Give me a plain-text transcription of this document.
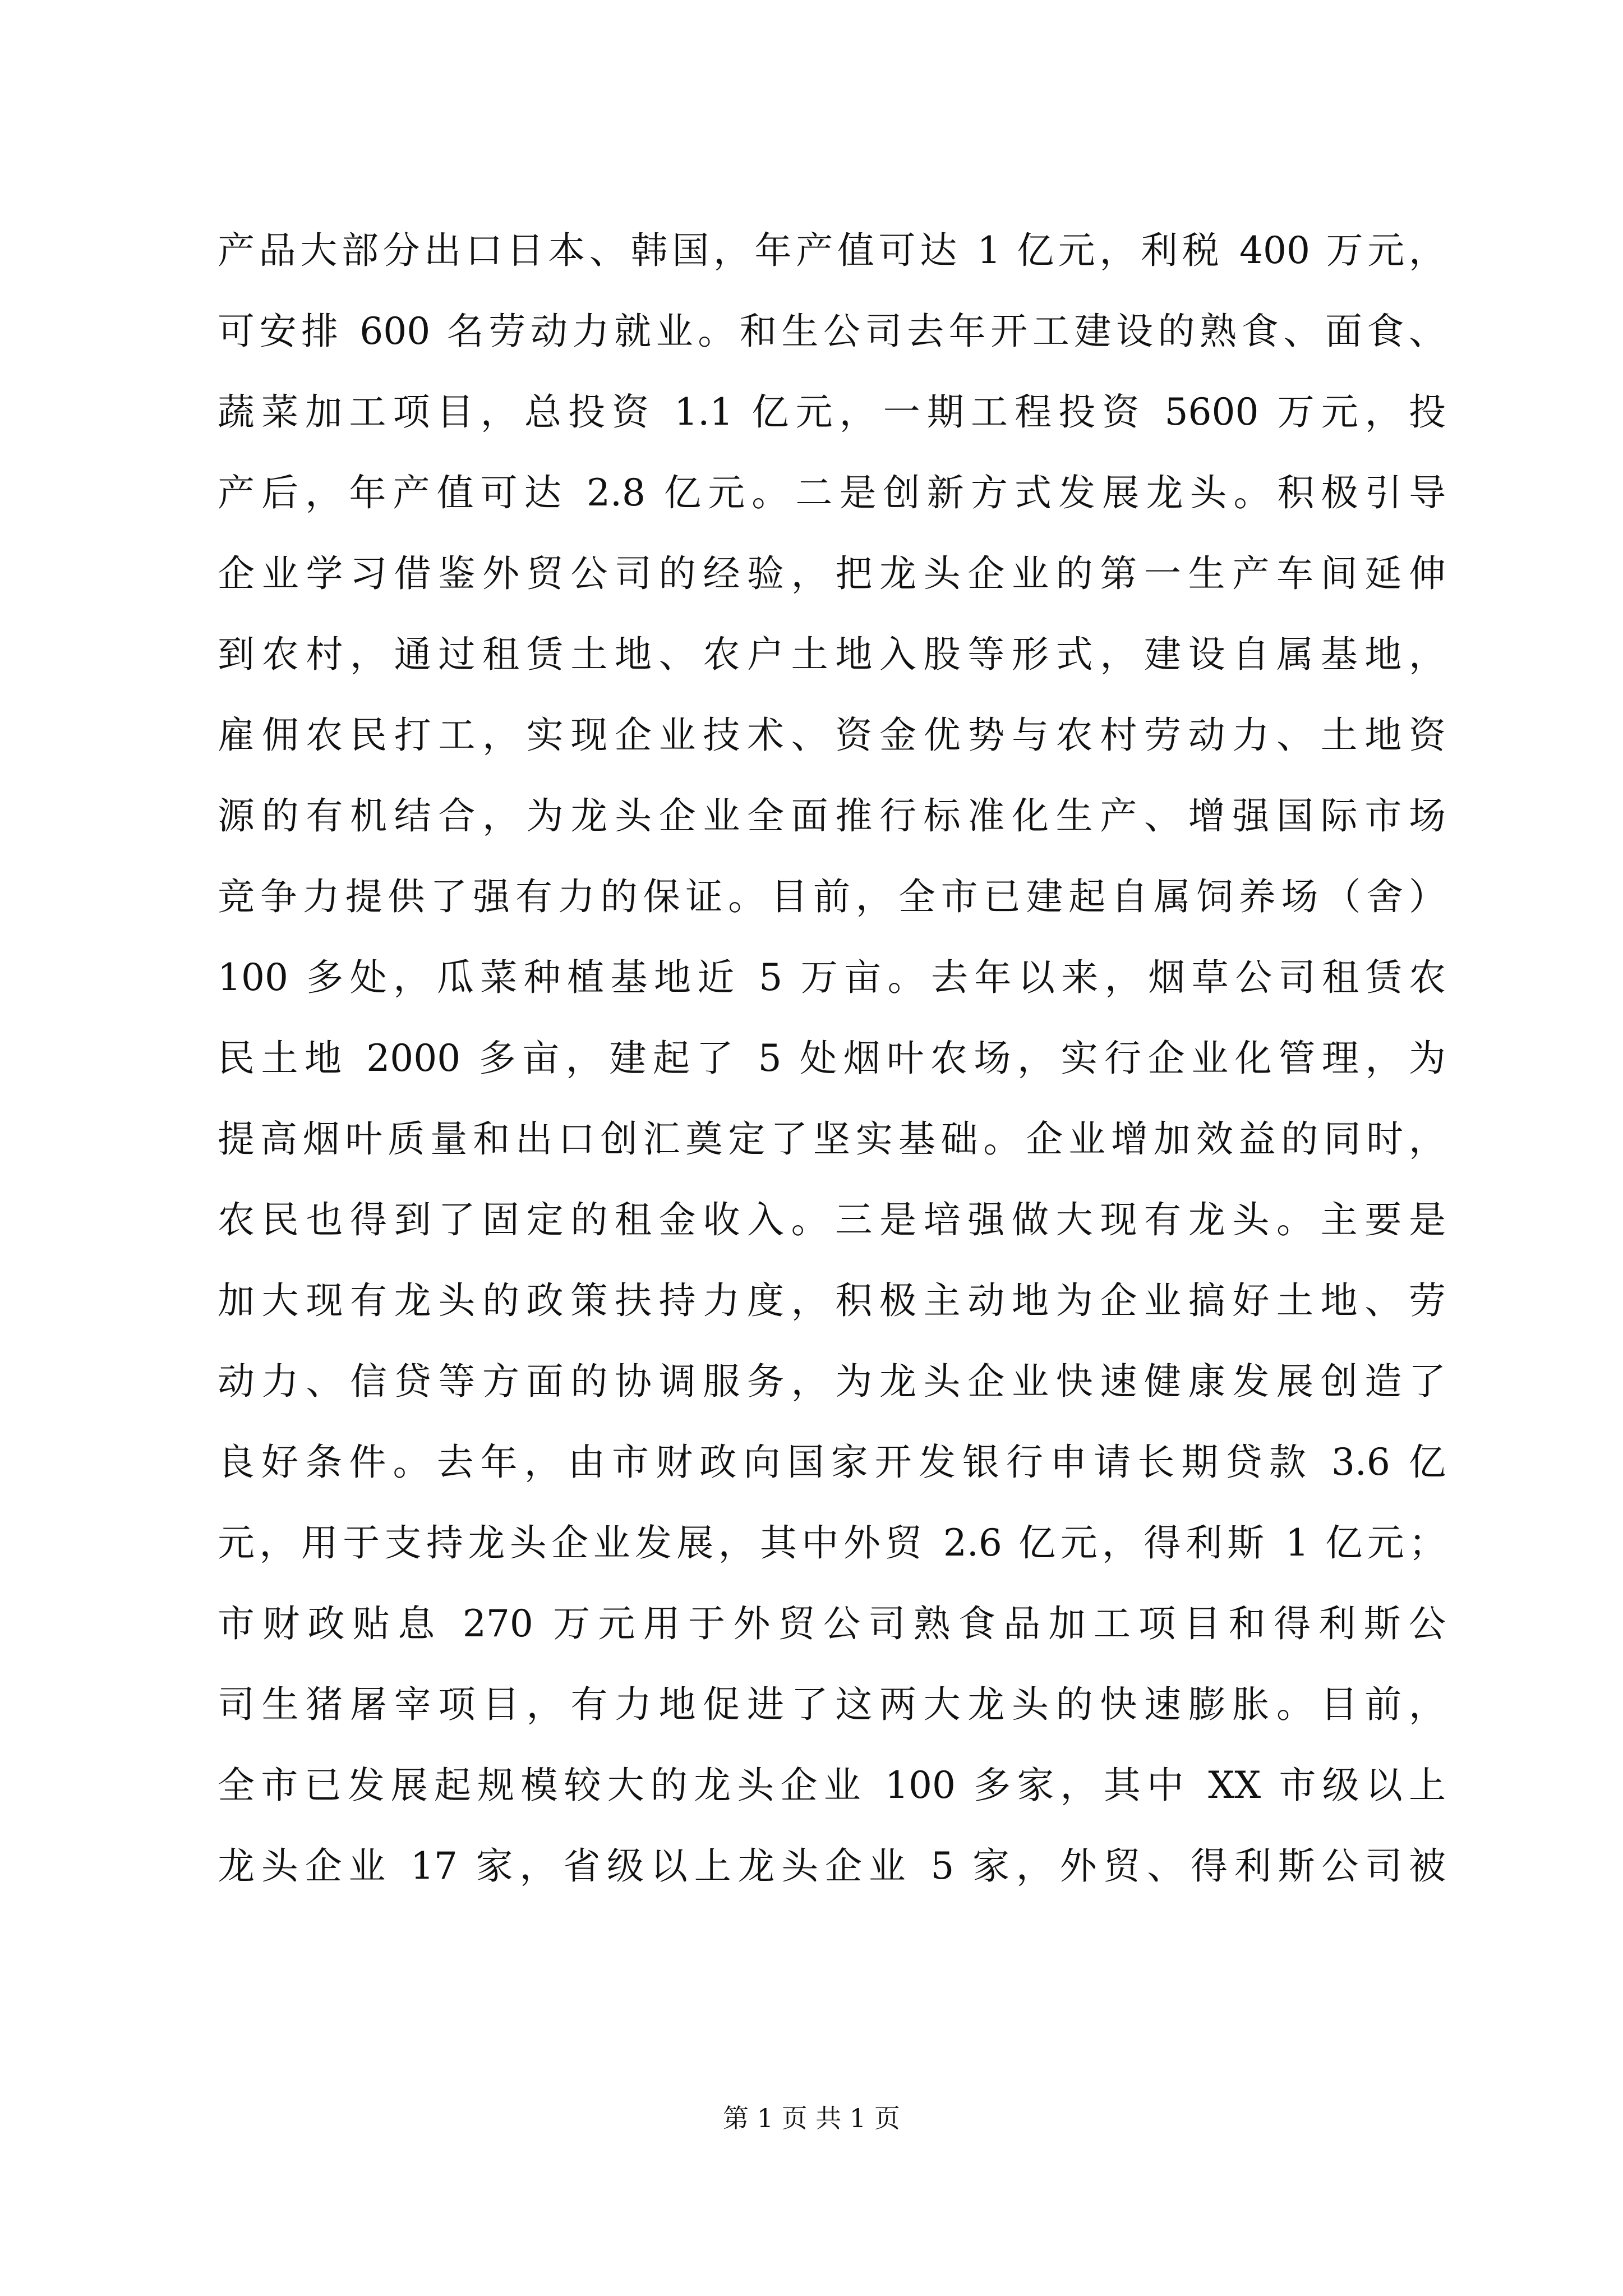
产品大部分出口日本、韩国，年产值可达 1 亿元，利税 400 万元，
可安排 600 名劳动力就业。和生公司去年开工建设的熟食、面食、
蔬菜加工项目，总投资 1.1 亿元，一期工程投资 5600 万元，投
产后，年产值可达 2.8 亿元。二是创新方式发展龙头。积极引导
企业学习借鉴外贸公司的经验，把龙头企业的第一生产车间延伸
到农村，通过租赁土地、农户土地入股等形式，建设自属基地，
雇佣农民打工，实现企业技术、资金优势与农村劳动力、土地资
源的有机结合，为龙头企业全面推行标准化生产、增强国际市场
竞争力提供了强有力的保证。目前，全市已建起自属饲养场（舍）
100 多处，瓜菜种植基地近 5 万亩。去年以来，烟草公司租赁农
民土地 2000 多亩，建起了 5 处烟叶农场，实行企业化管理，为
提高烟叶质量和出口创汇奠定了坚实基础。企业增加效益的同时，
农民也得到了固定的租金收入。三是培强做大现有龙头。主要是
加大现有龙头的政策扶持力度，积极主动地为企业搞好土地、劳
动力、信贷等方面的协调服务，为龙头企业快速健康发展创造了
良好条件。去年，由市财政向国家开发银行申请长期贷款 3.6 亿
元，用于支持龙头企业发展，其中外贸 2.6 亿元，得利斯 1 亿元；
市财政贴息 270 万元用于外贸公司熟食品加工项目和得利斯公
司生猪屠宰项目，有力地促进了这两大龙头的快速膨胀。目前，
全市已发展起规模较大的龙头企业 100 多家，其中 XX 市级以上
龙头企业 17 家，省级以上龙头企业 5 家，外贸、得利斯公司被
第 1 页 共 1 页
